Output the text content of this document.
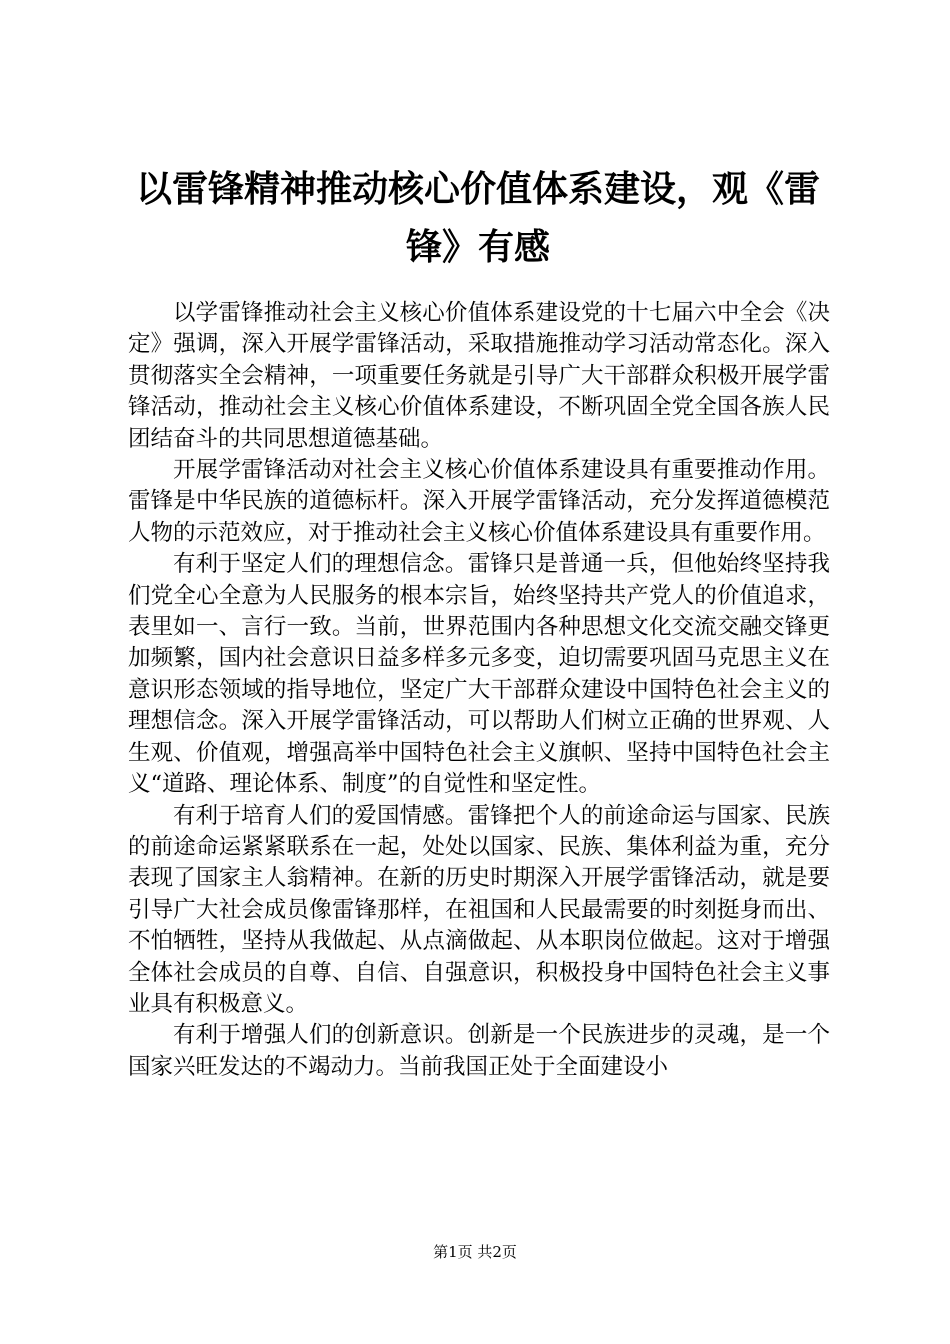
以雷锋精神推动核心价值体系建设，观《雷锋》有感

以学雷锋推动社会主义核心价值体系建设党的十七届六中全会《决定》强调，深入开展学雷锋活动，采取措施推动学习活动常态化。深入贯彻落实全会精神，一项重要任务就是引导广大干部群众积极开展学雷锋活动，推动社会主义核心价值体系建设，不断巩固全党全国各族人民团结奋斗的共同思想道德基础。

开展学雷锋活动对社会主义核心价值体系建设具有重要推动作用。雷锋是中华民族的道德标杆。深入开展学雷锋活动，充分发挥道德模范人物的示范效应，对于推动社会主义核心价值体系建设具有重要作用。

有利于坚定人们的理想信念。雷锋只是普通一兵，但他始终坚持我们党全心全意为人民服务的根本宗旨，始终坚持共产党人的价值追求，表里如一、言行一致。当前，世界范围内各种思想文化交流交融交锋更加频繁，国内社会意识日益多样多元多变，迫切需要巩固马克思主义在意识形态领域的指导地位，坚定广大干部群众建设中国特色社会主义的理想信念。深入开展学雷锋活动，可以帮助人们树立正确的世界观、人生观、价值观，增强高举中国特色社会主义旗帜、坚持中国特色社会主义“道路、理论体系、制度”的自觉性和坚定性。

有利于培育人们的爱国情感。雷锋把个人的前途命运与国家、民族的前途命运紧紧联系在一起，处处以国家、民族、集体利益为重，充分表现了国家主人翁精神。在新的历史时期深入开展学雷锋活动，就是要引导广大社会成员像雷锋那样，在祖国和人民最需要的时刻挺身而出、不怕牺牲，坚持从我做起、从点滴做起、从本职岗位做起。这对于增强全体社会成员的自尊、自信、自强意识，积极投身中国特色社会主义事业具有积极意义。

有利于增强人们的创新意识。创新是一个民族进步的灵魂，是一个国家兴旺发达的不竭动力。当前我国正处于全面建设小

第1页 共2页
